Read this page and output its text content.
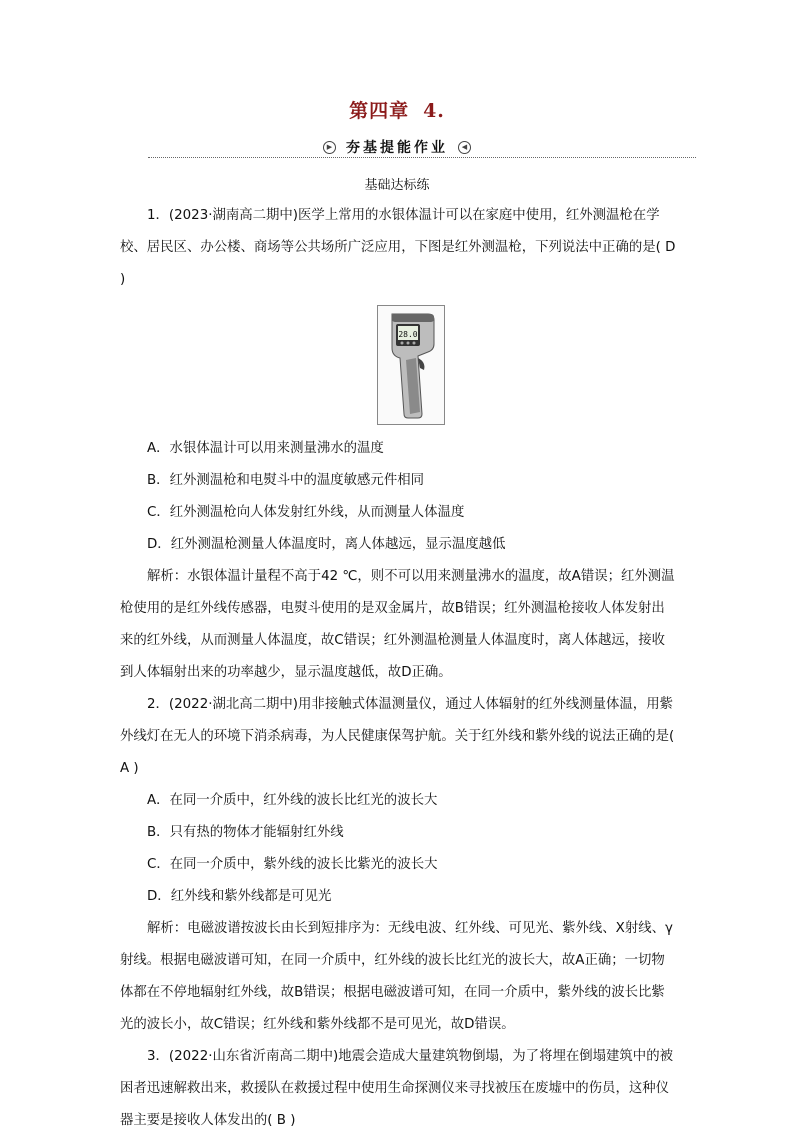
第四章 4.
▶ 夯基提能作业	◀
基础达标练

1．(2023·湖南高二期中)医学上常用的水银体温计可以在家庭中使用，红外测温枪在学校、居民区、办公楼、商场等公共场所广泛应用，下图是红外测温枪，下列说法中正确的是( D )

28.0

A．水银体温计可以用来测量沸水的温度

B．红外测温枪和电熨斗中的温度敏感元件相同

C．红外测温枪向人体发射红外线，从而测量人体温度

D．红外测温枪测量人体温度时，离人体越远，显示温度越低

解析：水银体温计量程不高于42 ℃，则不可以用来测量沸水的温度，故A错误；红外测温枪使用的是红外线传感器，电熨斗使用的是双金属片，故B错误；红外测温枪接收人体发射出来的红外线，从而测量人体温度，故C错误；红外测温枪测量人体温度时，离人体越远，接收到人体辐射出来的功率越少，显示温度越低，故D正确。

2．(2022·湖北高二期中)用非接触式体温测量仪，通过人体辐射的红外线测量体温，用紫外线灯在无人的环境下消杀病毒，为人民健康保驾护航。关于红外线和紫外线的说法正确的是( A )

A．在同一介质中，红外线的波长比红光的波长大

B．只有热的物体才能辐射红外线

C．在同一介质中，紫外线的波长比紫光的波长大

D．红外线和紫外线都是可见光

解析：电磁波谱按波长由长到短排序为：无线电波、红外线、可见光、紫外线、X射线、γ射线。根据电磁波谱可知，在同一介质中，红外线的波长比红光的波长大，故A正确；一切物体都在不停地辐射红外线，故B错误；根据电磁波谱可知，在同一介质中，紫外线的波长比紫光的波长小，故C错误；红外线和紫外线都不是可见光，故D错误。

3．(2022·山东省沂南高二期中)地震会造成大量建筑物倒塌，为了将埋在倒塌建筑中的被困者迅速解救出来，救援队在救援过程中使用生命探测仪来寻找被压在废墟中的伤员，这种仪器主要是接收人体发出的( B )
